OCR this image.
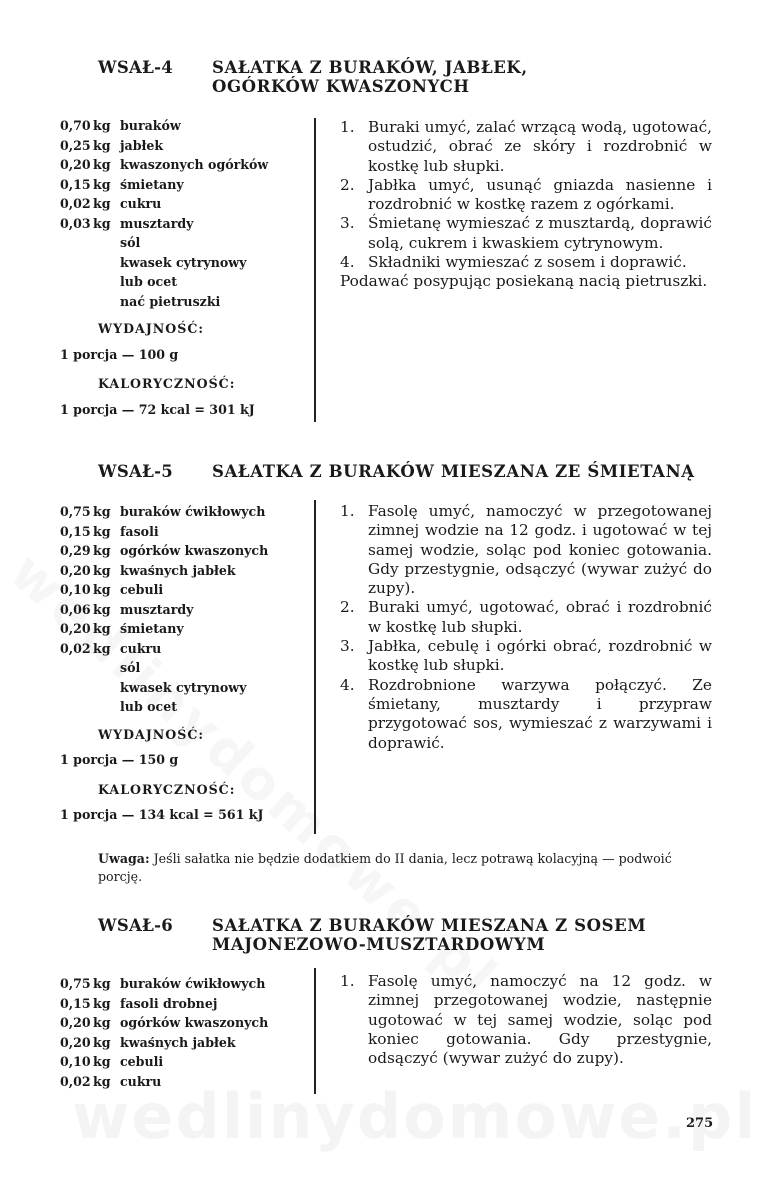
WSAŁ-4 SAŁATKA Z BURAKÓW, JABŁEK,
OGÓRKÓW KWASZONYCH
0,70 kg buraków
0,25 kg jabłek
0,20 kg kwaszonych ogórków
0,15 kg śmietany
0,02 kg cukru
0,03 kg musztardy
sól
kwasek cytrynowy
lub ocet
nać pietruszki
WYDAJNOŚĆ:
1 porcja — 100 g
KALORYCZNOŚĆ:
1 porcja — 72 kcal = 301 kJ
1. Buraki umyć, zalać wrzącą wodą, ugotować, ostudzić, obrać ze skóry i rozdrobnić w kostkę lub słupki.
2. Jabłka umyć, usunąć gniazda nasienne i rozdrobnić w kostkę razem z ogórkami.
3. Śmietanę wymieszać z musztardą, doprawić solą, cukrem i kwaskiem cytrynowym.
4. Składniki wymieszać z sosem i doprawić.
Podawać posypując posiekaną nacią pietruszki.
WSAŁ-5 SAŁATKA Z BURAKÓW MIESZANA ZE ŚMIETANĄ
0,75 kg buraków ćwikłowych
0,15 kg fasoli
0,29 kg ogórków kwaszonych
0,20 kg kwaśnych jabłek
0,10 kg cebuli
0,06 kg musztardy
0,20 kg śmietany
0,02 kg cukru
sól
kwasek cytrynowy
lub ocet
WYDAJNOŚĆ:
1 porcja — 150 g
KALORYCZNOŚĆ:
1 porcja — 134 kcal = 561 kJ
1. Fasolę umyć, namoczyć w przegotowanej zimnej wodzie na 12 godz. i ugotować w tej samej wodzie, soląc pod koniec gotowania. Gdy przestygnie, odsączyć (wywar zużyć do zupy).
2. Buraki umyć, ugotować, obrać i rozdrobnić w kostkę lub słupki.
3. Jabłka, cebulę i ogórki obrać, rozdrobnić w kostkę lub słupki.
4. Rozdrobnione warzywa połączyć. Ze śmietany, musztardy i przypraw przygotować sos, wymieszać z warzywami i doprawić.
Uwaga: Jeśli sałatka nie będzie dodatkiem do II dania, lecz potrawą kolacyjną — podwoić porcję.
WSAŁ-6 SAŁATKA Z BURAKÓW MIESZANA Z SOSEM
MAJONEZOWO-MUSZTARDOWYM
0,75 kg buraków ćwikłowych
0,15 kg fasoli drobnej
0,20 kg ogórków kwaszonych
0,20 kg kwaśnych jabłek
0,10 kg cebuli
0,02 kg cukru
1. Fasolę umyć, namoczyć na 12 godz. w zimnej przegotowanej wodzie, następnie ugotować w tej samej wodzie, soląc pod koniec gotowania. Gdy przestygnie, odsączyć (wywar zużyć do zupy).
275
